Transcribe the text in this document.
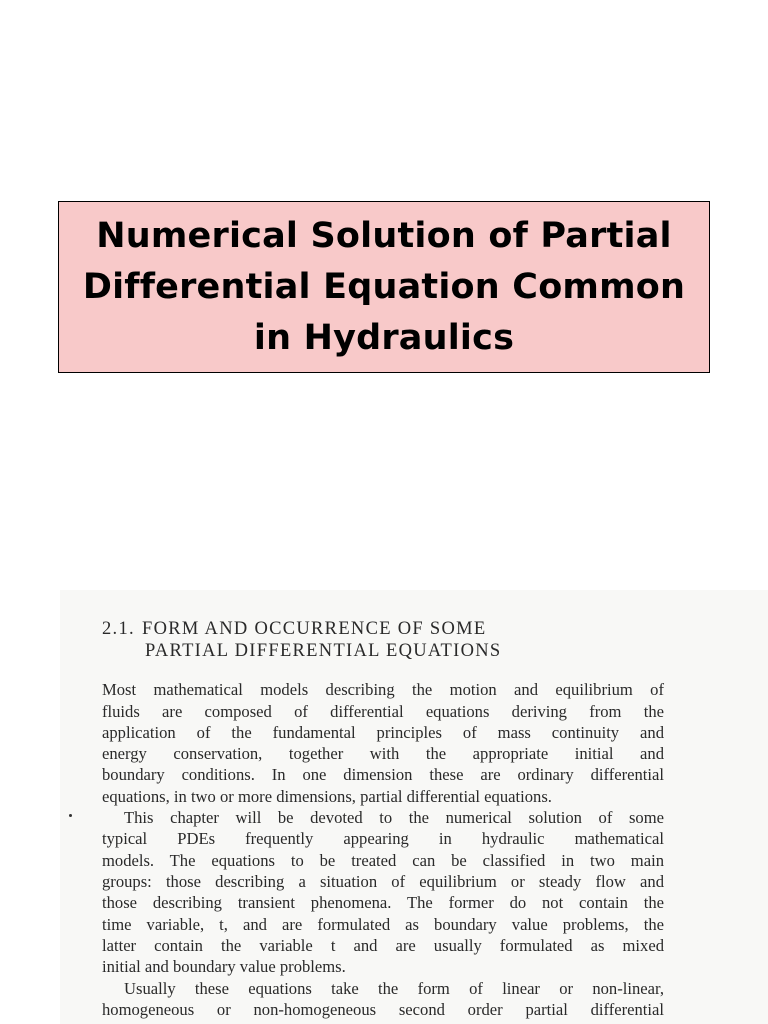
Numerical Solution of Partial
Differential Equation Common
in Hydraulics
2.1. FORM AND OCCURRENCE OF SOME
PARTIAL DIFFERENTIAL EQUATIONS
Most mathematical models describing the motion and equilibrium of
fluids are composed of differential equations deriving from the
application of the fundamental principles of mass continuity and
energy conservation, together with the appropriate initial and
boundary conditions. In one dimension these are ordinary differential
equations, in two or more dimensions, partial differential equations.
This chapter will be devoted to the numerical solution of some
typical PDEs frequently appearing in hydraulic mathematical
models. The equations to be treated can be classified in two main
groups: those describing a situation of equilibrium or steady flow and
those describing transient phenomena. The former do not contain the
time variable, t, and are formulated as boundary value problems, the
latter contain the variable t and are usually formulated as mixed
initial and boundary value problems.
Usually these equations take the form of linear or non-linear,
homogeneous or non-homogeneous second order partial differential
